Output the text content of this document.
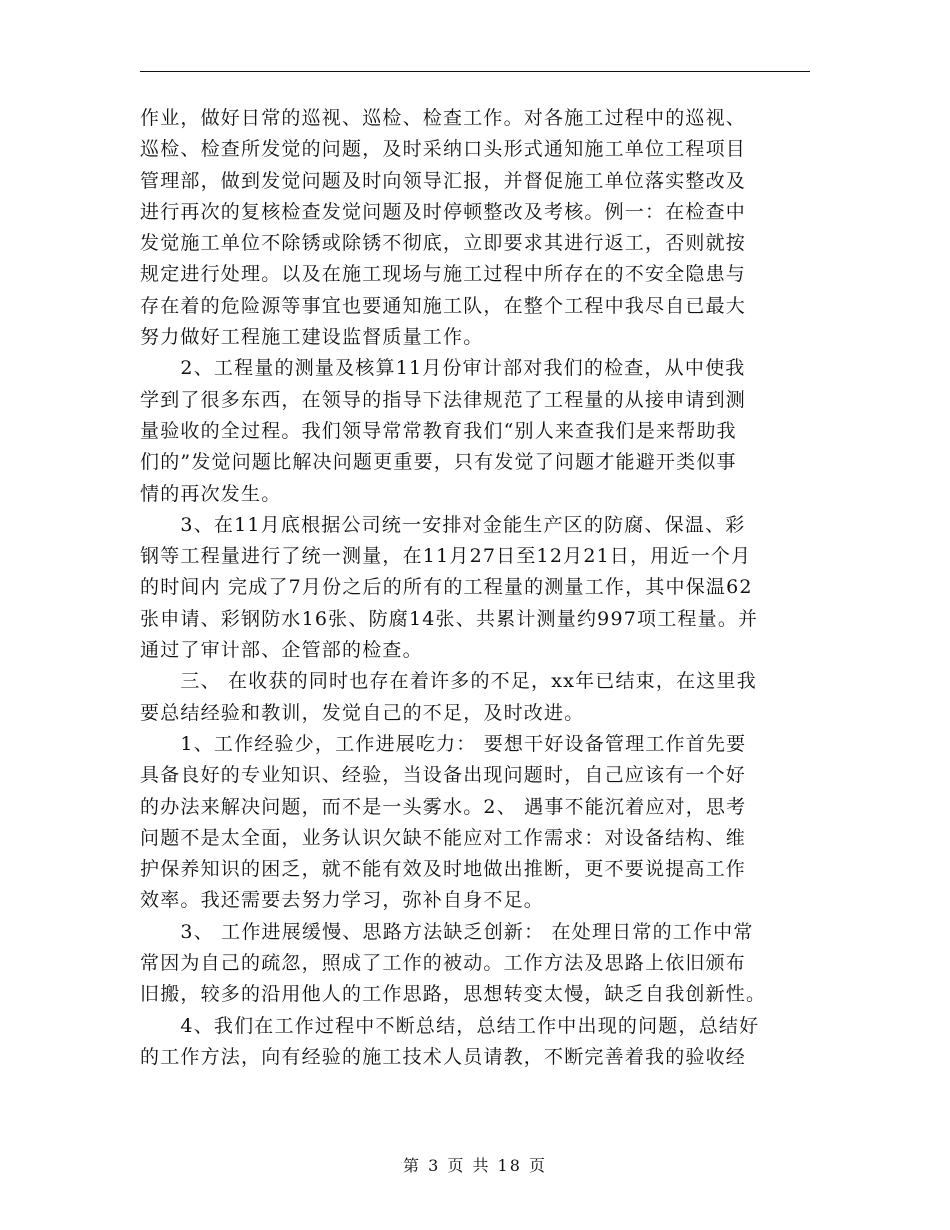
作业，做好日常的巡视、巡检、检查工作。对各施工过程中的巡视、
巡检、检查所发觉的问题，及时采纳口头形式通知施工单位工程项目
管理部，做到发觉问题及时向领导汇报，并督促施工单位落实整改及
进行再次的复核检查发觉问题及时停顿整改及考核。例一：在检查中
发觉施工单位不除锈或除锈不彻底，立即要求其进行返工，否则就按
规定进行处理。以及在施工现场与施工过程中所存在的不安全隐患与
存在着的危险源等事宜也要通知施工队，在整个工程中我尽自已最大
努力做好工程施工建设监督质量工作。

　　2、工程量的测量及核算11月份审计部对我们的检查，从中使我
学到了很多东西，在领导的指导下法律规范了工程量的从接申请到测
量验收的全过程。我们领导常常教育我们“别人来查我们是来帮助我
们的”发觉问题比解决问题更重要，只有发觉了问题才能避开类似事
情的再次发生。

　　3、在11月底根据公司统一安排对金能生产区的防腐、保温、彩
钢等工程量进行了统一测量，在11月27日至12月21日，用近一个月
的时间内 完成了7月份之后的所有的工程量的测量工作，其中保温62
张申请、彩钢防水16张、防腐14张、共累计测量约997项工程量。并
通过了审计部、企管部的检查。

　　三、 在收获的同时也存在着许多的不足，xx年已结束，在这里我
要总结经验和教训，发觉自己的不足，及时改进。

　　1、工作经验少，工作进展吃力： 要想干好设备管理工作首先要
具备良好的专业知识、经验，当设备出现问题时，自己应该有一个好
的办法来解决问题，而不是一头雾水。2、 遇事不能沉着应对，思考
问题不是太全面，业务认识欠缺不能应对工作需求：对设备结构、维
护保养知识的困乏，就不能有效及时地做出推断，更不要说提高工作
效率。我还需要去努力学习，弥补自身不足。

　　3、 工作进展缓慢、思路方法缺乏创新： 在处理日常的工作中常
常因为自己的疏忽，照成了工作的被动。工作方法及思路上依旧颁布
旧搬，较多的沿用他人的工作思路，思想转变太慢，缺乏自我创新性。

　　4、我们在工作过程中不断总结，总结工作中出现的问题，总结好
的工作方法，向有经验的施工技术人员请教，不断完善着我的验收经

第 3 页 共 18 页
